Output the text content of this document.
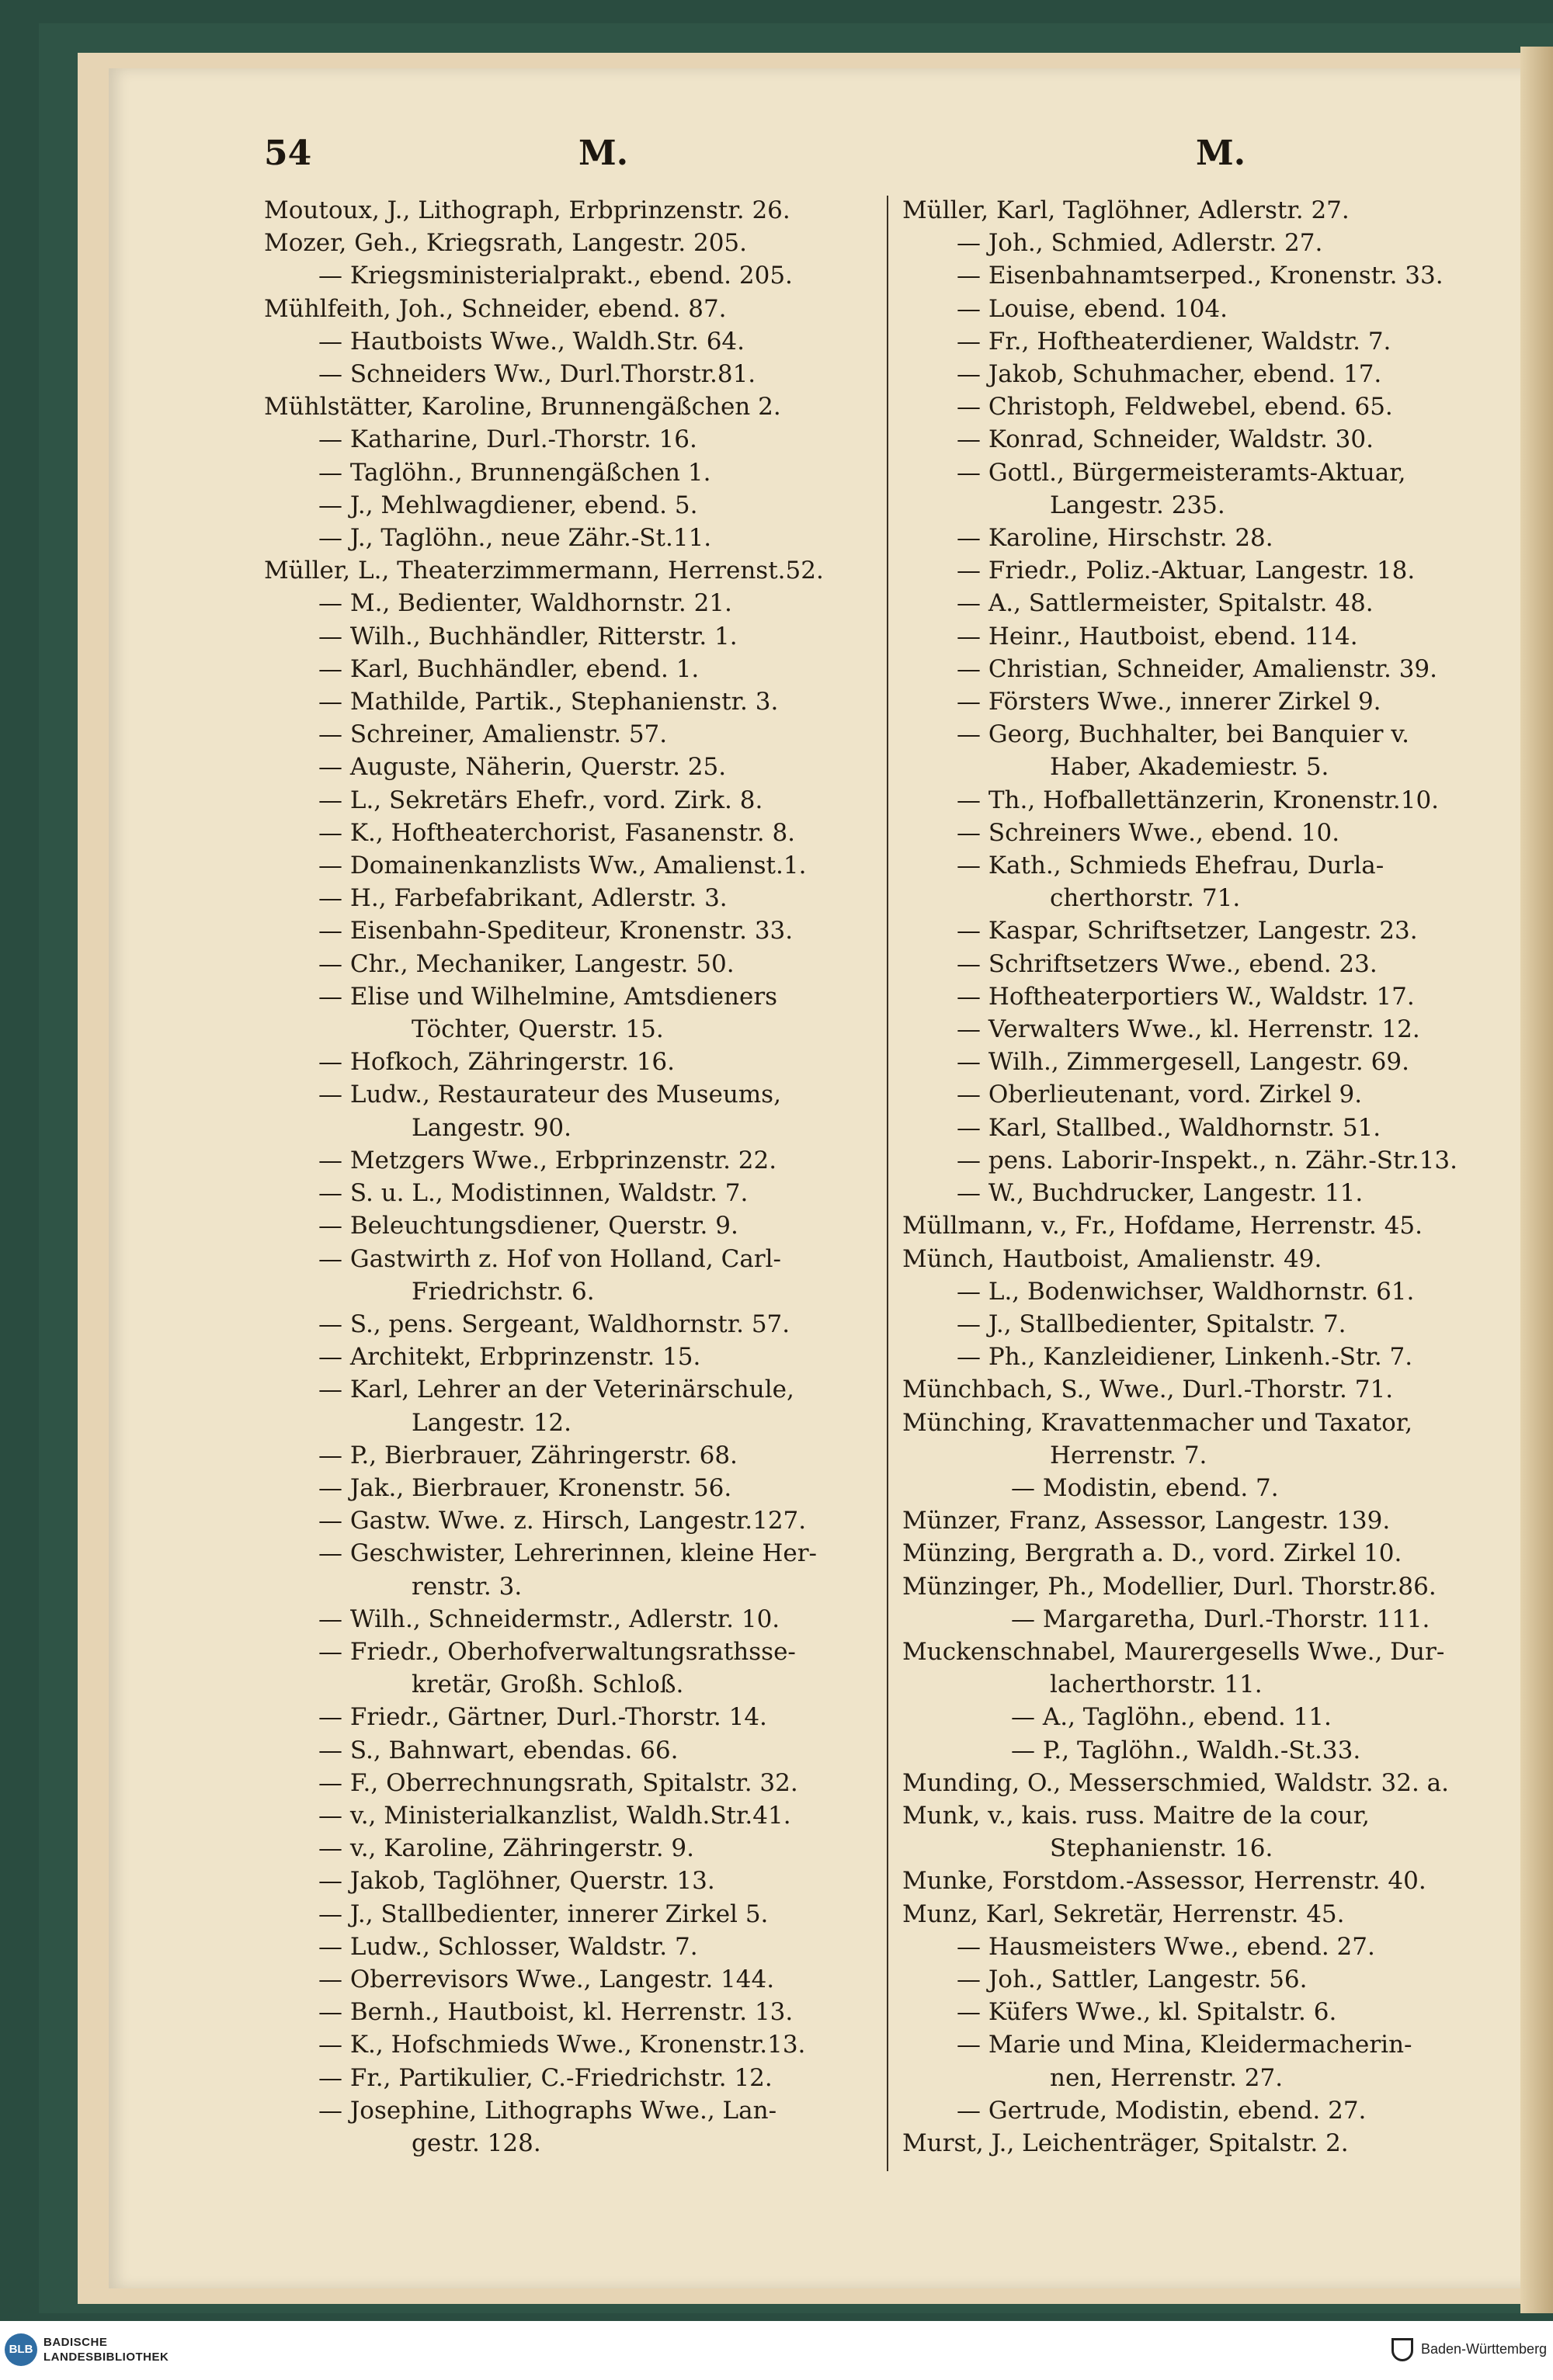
54	M.	M.
Moutoux, J., Lithograph, Erbprinzenstr. 26.
Mozer, Geh., Kriegsrath, Langestr. 205.
— Kriegsministerialprakt., ebend. 205.
Mühlfeith, Joh., Schneider, ebend. 87.
— Hautboists Wwe., Waldh.Str. 64.
— Schneiders Ww., Durl.Thorstr.81.
Mühlstätter, Karoline, Brunnengäßchen 2.
— Katharine, Durl.-Thorstr. 16.
— Taglöhn., Brunnengäßchen 1.
— J., Mehlwagdiener, ebend. 5.
— J., Taglöhn., neue Zähr.-St.11.
Müller, L., Theaterzimmermann, Herrenst.52.
— M., Bedienter, Waldhornstr. 21.
— Wilh., Buchhändler, Ritterstr. 1.
— Karl, Buchhändler, ebend. 1.
— Mathilde, Partik., Stephanienstr. 3.
— Schreiner, Amalienstr. 57.
— Auguste, Näherin, Querstr. 25.
— L., Sekretärs Ehefr., vord. Zirk. 8.
— K., Hoftheaterchorist, Fasanenstr. 8.
— Domainenkanzlists Ww., Amalienst.1.
— H., Farbefabrikant, Adlerstr. 3.
— Eisenbahn-Spediteur, Kronenstr. 33.
— Chr., Mechaniker, Langestr. 50.
— Elise und Wilhelmine, Amtsdieners
Töchter, Querstr. 15.
— Hofkoch, Zähringerstr. 16.
— Ludw., Restaurateur des Museums,
Langestr. 90.
— Metzgers Wwe., Erbprinzenstr. 22.
— S. u. L., Modistinnen, Waldstr. 7.
— Beleuchtungsdiener, Querstr. 9.
— Gastwirth z. Hof von Holland, Carl-
Friedrichstr. 6.
— S., pens. Sergeant, Waldhornstr. 57.
— Architekt, Erbprinzenstr. 15.
— Karl, Lehrer an der Veterinärschule,
Langestr. 12.
— P., Bierbrauer, Zähringerstr. 68.
— Jak., Bierbrauer, Kronenstr. 56.
— Gastw. Wwe. z. Hirsch, Langestr.127.
— Geschwister, Lehrerinnen, kleine Her-
renstr. 3.
— Wilh., Schneidermstr., Adlerstr. 10.
— Friedr., Oberhofverwaltungsrathsse-
kretär, Großh. Schloß.
— Friedr., Gärtner, Durl.-Thorstr. 14.
— S., Bahnwart, ebendas. 66.
— F., Oberrechnungsrath, Spitalstr. 32.
— v., Ministerialkanzlist, Waldh.Str.41.
— v., Karoline, Zähringerstr. 9.
— Jakob, Taglöhner, Querstr. 13.
— J., Stallbedienter, innerer Zirkel 5.
— Ludw., Schlosser, Waldstr. 7.
— Oberrevisors Wwe., Langestr. 144.
— Bernh., Hautboist, kl. Herrenstr. 13.
— K., Hofschmieds Wwe., Kronenstr.13.
— Fr., Partikulier, C.-Friedrichstr. 12.
— Josephine, Lithographs Wwe., Lan-
gestr. 128.
Müller, Karl, Taglöhner, Adlerstr. 27.
— Joh., Schmied, Adlerstr. 27.
— Eisenbahnamtserped., Kronenstr. 33.
— Louise, ebend. 104.
— Fr., Hoftheaterdiener, Waldstr. 7.
— Jakob, Schuhmacher, ebend. 17.
— Christoph, Feldwebel, ebend. 65.
— Konrad, Schneider, Waldstr. 30.
— Gottl., Bürgermeisteramts-Aktuar,
Langestr. 235.
— Karoline, Hirschstr. 28.
— Friedr., Poliz.-Aktuar, Langestr. 18.
— A., Sattlermeister, Spitalstr. 48.
— Heinr., Hautboist, ebend. 114.
— Christian, Schneider, Amalienstr. 39.
— Försters Wwe., innerer Zirkel 9.
— Georg, Buchhalter, bei Banquier v.
Haber, Akademiestr. 5.
— Th., Hofballettänzerin, Kronenstr.10.
— Schreiners Wwe., ebend. 10.
— Kath., Schmieds Ehefrau, Durla-
cherthorstr. 71.
— Kaspar, Schriftsetzer, Langestr. 23.
— Schriftsetzers Wwe., ebend. 23.
— Hoftheaterportiers W., Waldstr. 17.
— Verwalters Wwe., kl. Herrenstr. 12.
— Wilh., Zimmergesell, Langestr. 69.
— Oberlieutenant, vord. Zirkel 9.
— Karl, Stallbed., Waldhornstr. 51.
— pens. Laborir-Inspekt., n. Zähr.-Str.13.
— W., Buchdrucker, Langestr. 11.
Müllmann, v., Fr., Hofdame, Herrenstr. 45.
Münch, Hautboist, Amalienstr. 49.
— L., Bodenwichser, Waldhornstr. 61.
— J., Stallbedienter, Spitalstr. 7.
— Ph., Kanzleidiener, Linkenh.-Str. 7.
Münchbach, S., Wwe., Durl.-Thorstr. 71.
Münching, Kravattenmacher und Taxator,
Herrenstr. 7.
— Modistin, ebend. 7.
Münzer, Franz, Assessor, Langestr. 139.
Münzing, Bergrath a. D., vord. Zirkel 10.
Münzinger, Ph., Modellier, Durl. Thorstr.86.
— Margaretha, Durl.-Thorstr. 111.
Muckenschnabel, Maurergesells Wwe., Dur-
lacherthorstr. 11.
— A., Taglöhn., ebend. 11.
— P., Taglöhn., Waldh.-St.33.
Munding, O., Messerschmied, Waldstr. 32. a.
Munk, v., kais. russ. Maitre de la cour,
Stephanienstr. 16.
Munke, Forstdom.-Assessor, Herrenstr. 40.
Munz, Karl, Sekretär, Herrenstr. 45.
— Hausmeisters Wwe., ebend. 27.
— Joh., Sattler, Langestr. 56.
— Küfers Wwe., kl. Spitalstr. 6.
— Marie und Mina, Kleidermacherin-
nen, Herrenstr. 27.
— Gertrude, Modistin, ebend. 27.
Murst, J., Leichenträger, Spitalstr. 2.
BLB
BADISCHE
LANDESBIBLIOTHEK
Baden-Württemberg
